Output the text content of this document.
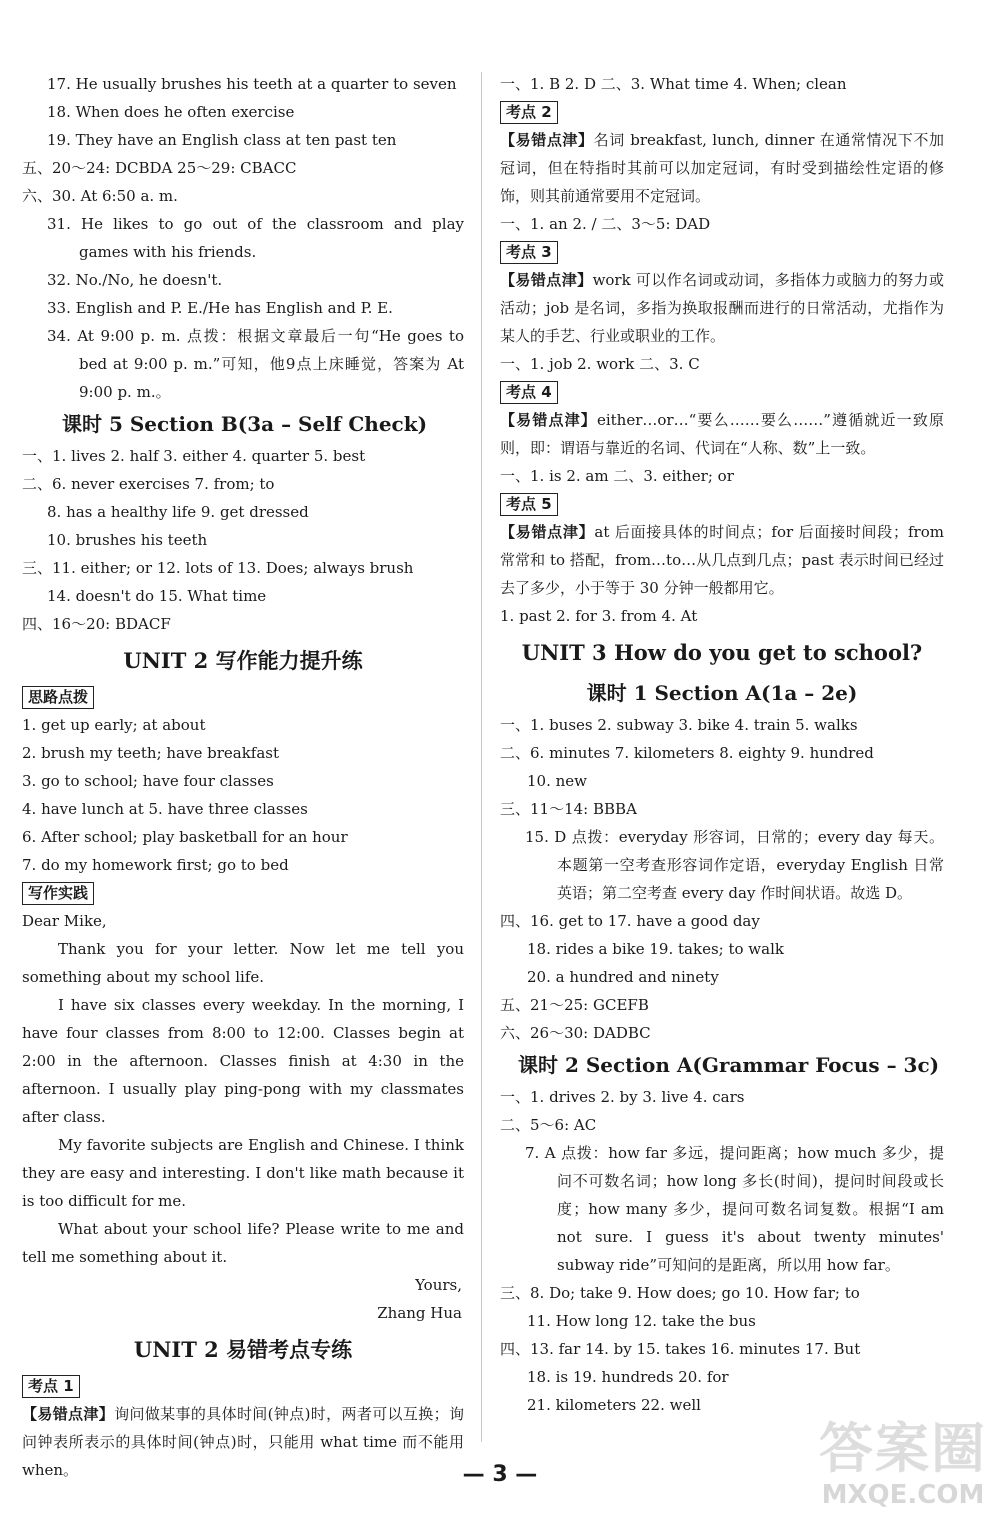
17. He usually brushes his teeth at a quarter to seven
18. When does he often exercise
19. They have an English class at ten past ten
五、20～24: DCBDA 25～29: CBACC
六、30. At 6:50 a. m.
31. He likes to go out of the classroom and play games with his friends.
32. No./No, he doesn't.
33. English and P. E./He has English and P. E.
34. At 9:00 p. m. 点拨：根据文章最后一句“He goes to bed at 9:00 p. m.”可知，他9点上床睡觉，答案为 At 9:00 p. m.。
课时 5 Section B(3a – Self Check)
一、1. lives 2. half 3. either 4. quarter 5. best
二、6. never exercises 7. from; to
8. has a healthy life 9. get dressed
10. brushes his teeth
三、11. either; or 12. lots of 13. Does; always brush
14. doesn't do 15. What time
四、16～20: BDACF
UNIT 2 写作能力提升练
思路点拨
1. get up early; at about
2. brush my teeth; have breakfast
3. go to school; have four classes
4. have lunch at 5. have three classes
6. After school; play basketball for an hour
7. do my homework first; go to bed
写作实践
Dear Mike,
Thank you for your letter. Now let me tell you something about my school life.
I have six classes every weekday. In the morning, I have four classes from 8:00 to 12:00. Classes begin at 2:00 in the afternoon. Classes finish at 4:30 in the afternoon. I usually play ping-pong with my classmates after class.
My favorite subjects are English and Chinese. I think they are easy and interesting. I don't like math because it is too difficult for me.
What about your school life? Please write to me and tell me something about it.
Yours,
Zhang Hua
UNIT 2 易错考点专练
考点 1
【易错点津】询问做某事的具体时间(钟点)时，两者可以互换；询问钟表所表示的具体时间(钟点)时，只能用 what time 而不能用 when。
一、1. B 2. D 二、3. What time 4. When; clean
考点 2
【易错点津】名词 breakfast, lunch, dinner 在通常情况下不加冠词，但在特指时其前可以加定冠词，有时受到描绘性定语的修饰，则其前通常要用不定冠词。
一、1. an 2. / 二、3～5: DAD
考点 3
【易错点津】work 可以作名词或动词，多指体力或脑力的努力或活动；job 是名词，多指为换取报酬而进行的日常活动，尤指作为某人的手艺、行业或职业的工作。
一、1. job 2. work 二、3. C
考点 4
【易错点津】either…or…“要么……要么……”遵循就近一致原则，即：谓语与靠近的名词、代词在“人称、数”上一致。
一、1. is 2. am 二、3. either; or
考点 5
【易错点津】at 后面接具体的时间点；for 后面接时间段；from 常常和 to 搭配，from…to…从几点到几点；past 表示时间已经过去了多少，小于等于 30 分钟一般都用它。
1. past 2. for 3. from 4. At
UNIT 3 How do you get to school?
课时 1 Section A(1a – 2e)
一、1. buses 2. subway 3. bike 4. train 5. walks
二、6. minutes 7. kilometers 8. eighty 9. hundred
10. new
三、11～14: BBBA
15. D 点拨：everyday 形容词，日常的；every day 每天。本题第一空考查形容词作定语，everyday English 日常英语；第二空考查 every day 作时间状语。故选 D。
四、16. get to 17. have a good day
18. rides a bike 19. takes; to walk
20. a hundred and ninety
五、21～25: GCEFB
六、26～30: DADBC
课时 2 Section A(Grammar Focus – 3c)
一、1. drives 2. by 3. live 4. cars
二、5～6: AC
7. A 点拨：how far 多远，提问距离；how much 多少，提问不可数名词；how long 多长(时间)，提问时间段或长度；how many 多少，提问可数名词复数。根据“I am not sure. I guess it's about twenty minutes' subway ride”可知问的是距离，所以用 how far。
三、8. Do; take 9. How does; go 10. How far; to
11. How long 12. take the bus
四、13. far 14. by 15. takes 16. minutes 17. But
18. is 19. hundreds 20. for
21. kilometers 22. well
— 3 —	答案圈
MXQE.COM
